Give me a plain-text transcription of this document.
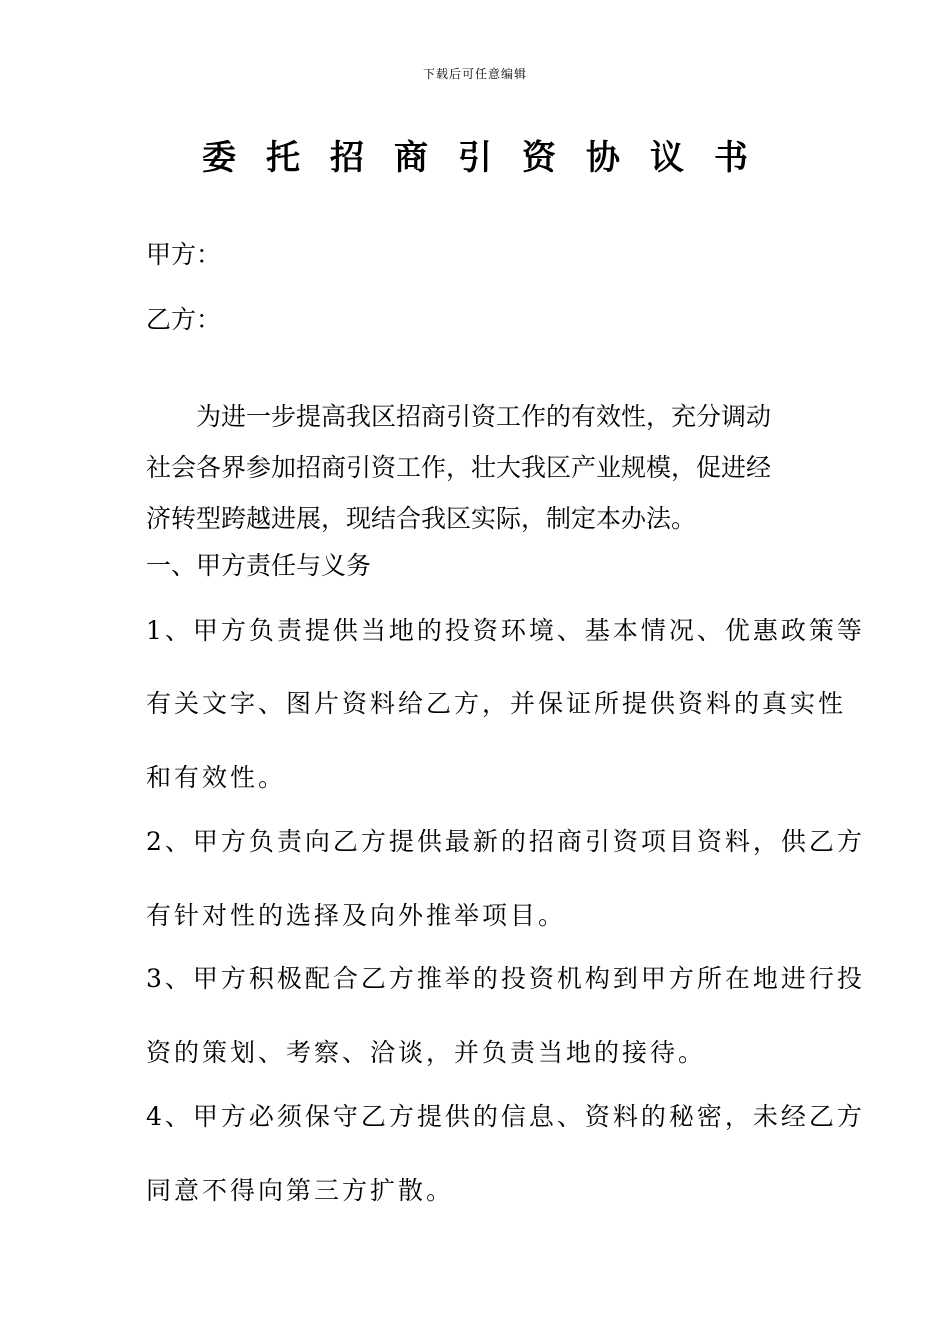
下载后可任意编辑
委托招商引资协议书
甲方：
乙方：
为进一步提高我区招商引资工作的有效性，充分调动
社会各界参加招商引资工作，壮大我区产业规模，促进经
济转型跨越进展，现结合我区实际，制定本办法。
一、甲方责任与义务
1、甲方负责提供当地的投资环境、基本情况、优惠政策等
有关文字、图片资料给乙方，并保证所提供资料的真实性
和有效性。
2、甲方负责向乙方提供最新的招商引资项目资料，供乙方
有针对性的选择及向外推举项目。
3、甲方积极配合乙方推举的投资机构到甲方所在地进行投
资的策划、考察、洽谈，并负责当地的接待。
4、甲方必须保守乙方提供的信息、资料的秘密，未经乙方
同意不得向第三方扩散。
